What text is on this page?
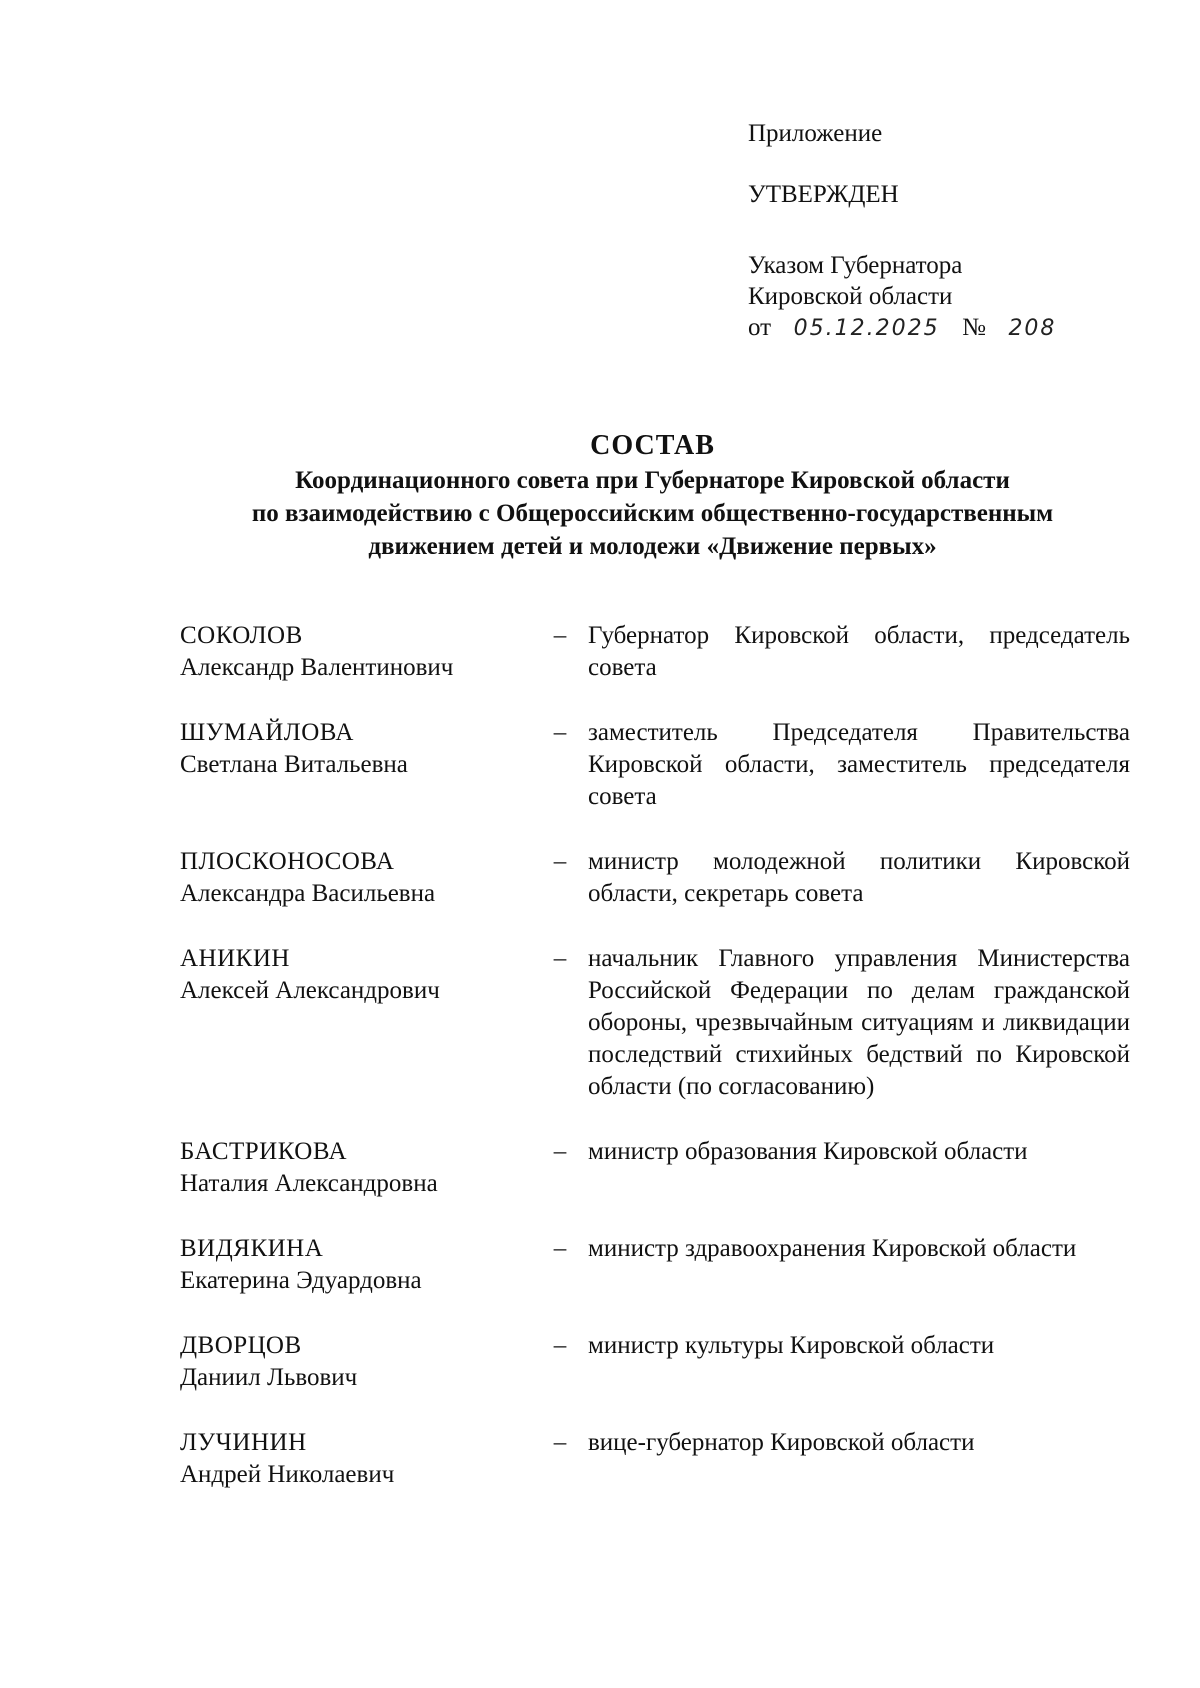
Приложение
УТВЕРЖДЕН
Указом Губернатора
Кировской области
от 05.12.2025 № 208
СОСТАВ
Координационного совета при Губернаторе Кировской области
по взаимодействию с Общероссийским общественно-государственным
движением детей и молодежи «Движение первых»
СОКОЛОВ
Александр Валентинович
– Губернатор Кировской области, председатель совета
ШУМАЙЛОВА
Светлана Витальевна
– заместитель Председателя Правительства Кировской области, заместитель председателя совета
ПЛОСКОНОСОВА
Александра Васильевна
– министр молодежной политики Кировской области, секретарь совета
АНИКИН
Алексей Александрович
– начальник Главного управления Министерства Российской Федерации по делам гражданской обороны, чрезвычайным ситуациям и ликвидации последствий стихийных бедствий по Кировской области (по согласованию)
БАСТРИКОВА
Наталия Александровна
– министр образования Кировской области
ВИДЯКИНА
Екатерина Эдуардовна
– министр здравоохранения Кировской области
ДВОРЦОВ
Даниил Львович
– министр культуры Кировской области
ЛУЧИНИН
Андрей Николаевич
– вице-губернатор Кировской области
